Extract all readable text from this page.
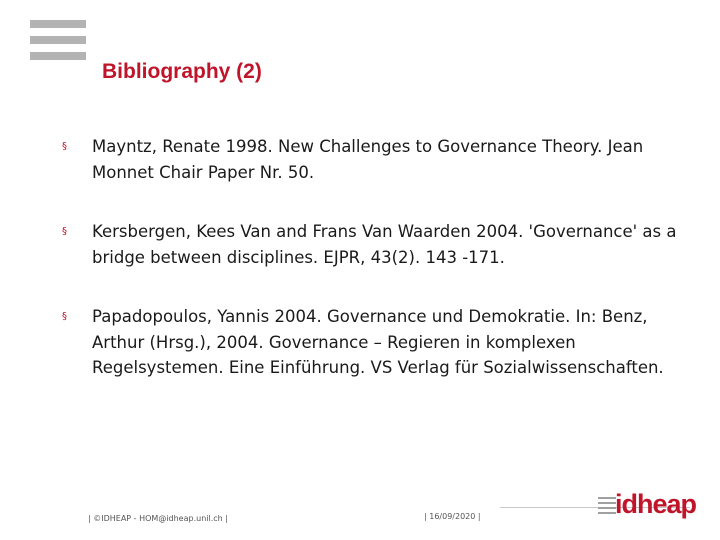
Bibliography (2)
§	Mayntz, Renate 1998. New Challenges to Governance Theory. Jean Monnet Chair Paper Nr. 50.
§	Kersbergen, Kees Van and Frans Van Waarden 2004. 'Governance' as a bridge between disciplines. EJPR, 43(2). 143 -171.
§	Papadopoulos, Yannis 2004. Governance und Demokratie. In: Benz, Arthur (Hrsg.), 2004. Governance – Regieren in komplexen Regelsystemen. Eine Einführung. VS Verlag für Sozialwissenschaften.
| ©IDHEAP - HOM@idheap.unil.ch |	| 16/09/2020 |	idheap
